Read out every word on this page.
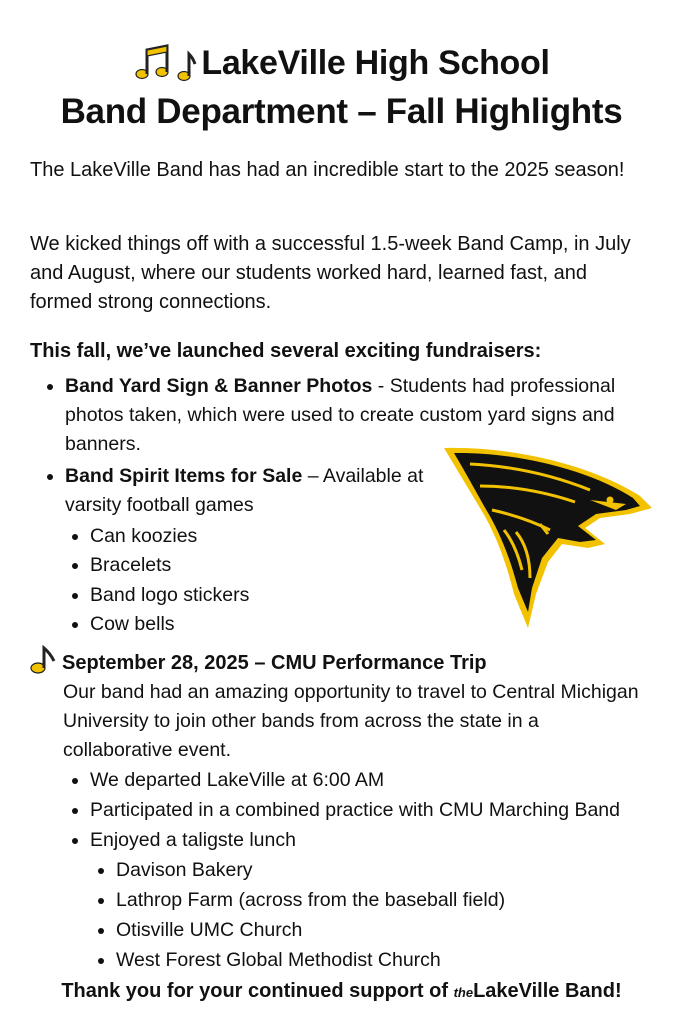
LakeVille High School
Band Department – Fall Highlights
The LakeVille Band has had an incredible start to the 2025 season!
We kicked things off with a successful 1.5-week Band Camp, in July and August, where our students worked hard, learned fast, and formed strong connections.
This fall, we’ve launched several exciting fundraisers:
Band Yard Sign & Banner Photos - Students had professional photos taken, which were used to create custom yard signs and banners.
Band Spirit Items for Sale – Available at varsity football games
Can koozies
Bracelets
Band logo stickers
Cow bells
September 28, 2025 – CMU Performance Trip
Our band had an amazing opportunity to travel to Central Michigan University to join other bands from across the state in a collaborative event.
We departed LakeVille at 6:00 AM
Participated in a combined practice with CMU Marching Band
Enjoyed a taligste lunch
Davison Bakery
Lathrop Farm (across from the baseball field)
Otisville UMC Church
West Forest Global Methodist Church
Thank you for your continued support of theLakeVille Band!
